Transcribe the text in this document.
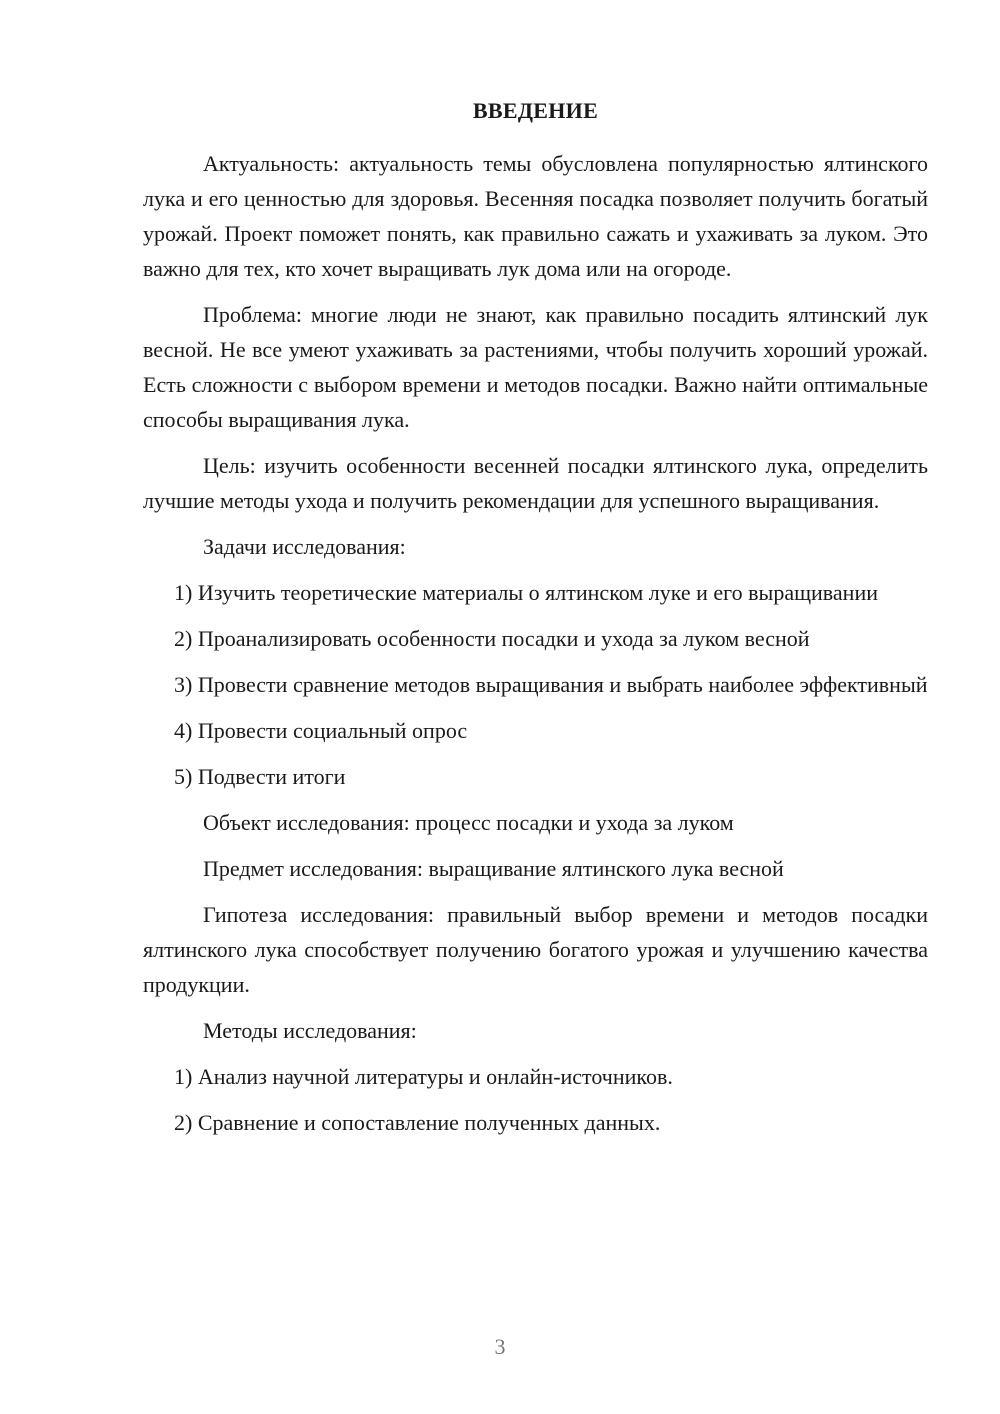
ВВЕДЕНИЕ

Актуальность: актуальность темы обусловлена популярностью ялтинского лука и его ценностью для здоровья. Весенняя посадка позволяет получить богатый урожай. Проект поможет понять, как правильно сажать и ухаживать за луком. Это важно для тех, кто хочет выращивать лук дома или на огороде.

Проблема: многие люди не знают, как правильно посадить ялтинский лук весной. Не все умеют ухаживать за растениями, чтобы получить хороший урожай. Есть сложности с выбором времени и методов посадки. Важно найти оптимальные способы выращивания лука.

Цель: изучить особенности весенней посадки ялтинского лука, определить лучшие методы ухода и получить рекомендации для успешного выращивания.

Задачи исследования:

1) Изучить теоретические материалы о ялтинском луке и его выращивании

2) Проанализировать особенности посадки и ухода за луком весной

3) Провести сравнение методов выращивания и выбрать наиболее эффективный

4) Провести социальный опрос

5) Подвести итоги

Объект исследования: процесс посадки и ухода за луком

Предмет исследования: выращивание ялтинского лука весной

Гипотеза исследования: правильный выбор времени и методов посадки ялтинского лука способствует получению богатого урожая и улучшению качества продукции.

Методы исследования:

1) Анализ научной литературы и онлайн-источников.

2) Сравнение и сопоставление полученных данных.

3
